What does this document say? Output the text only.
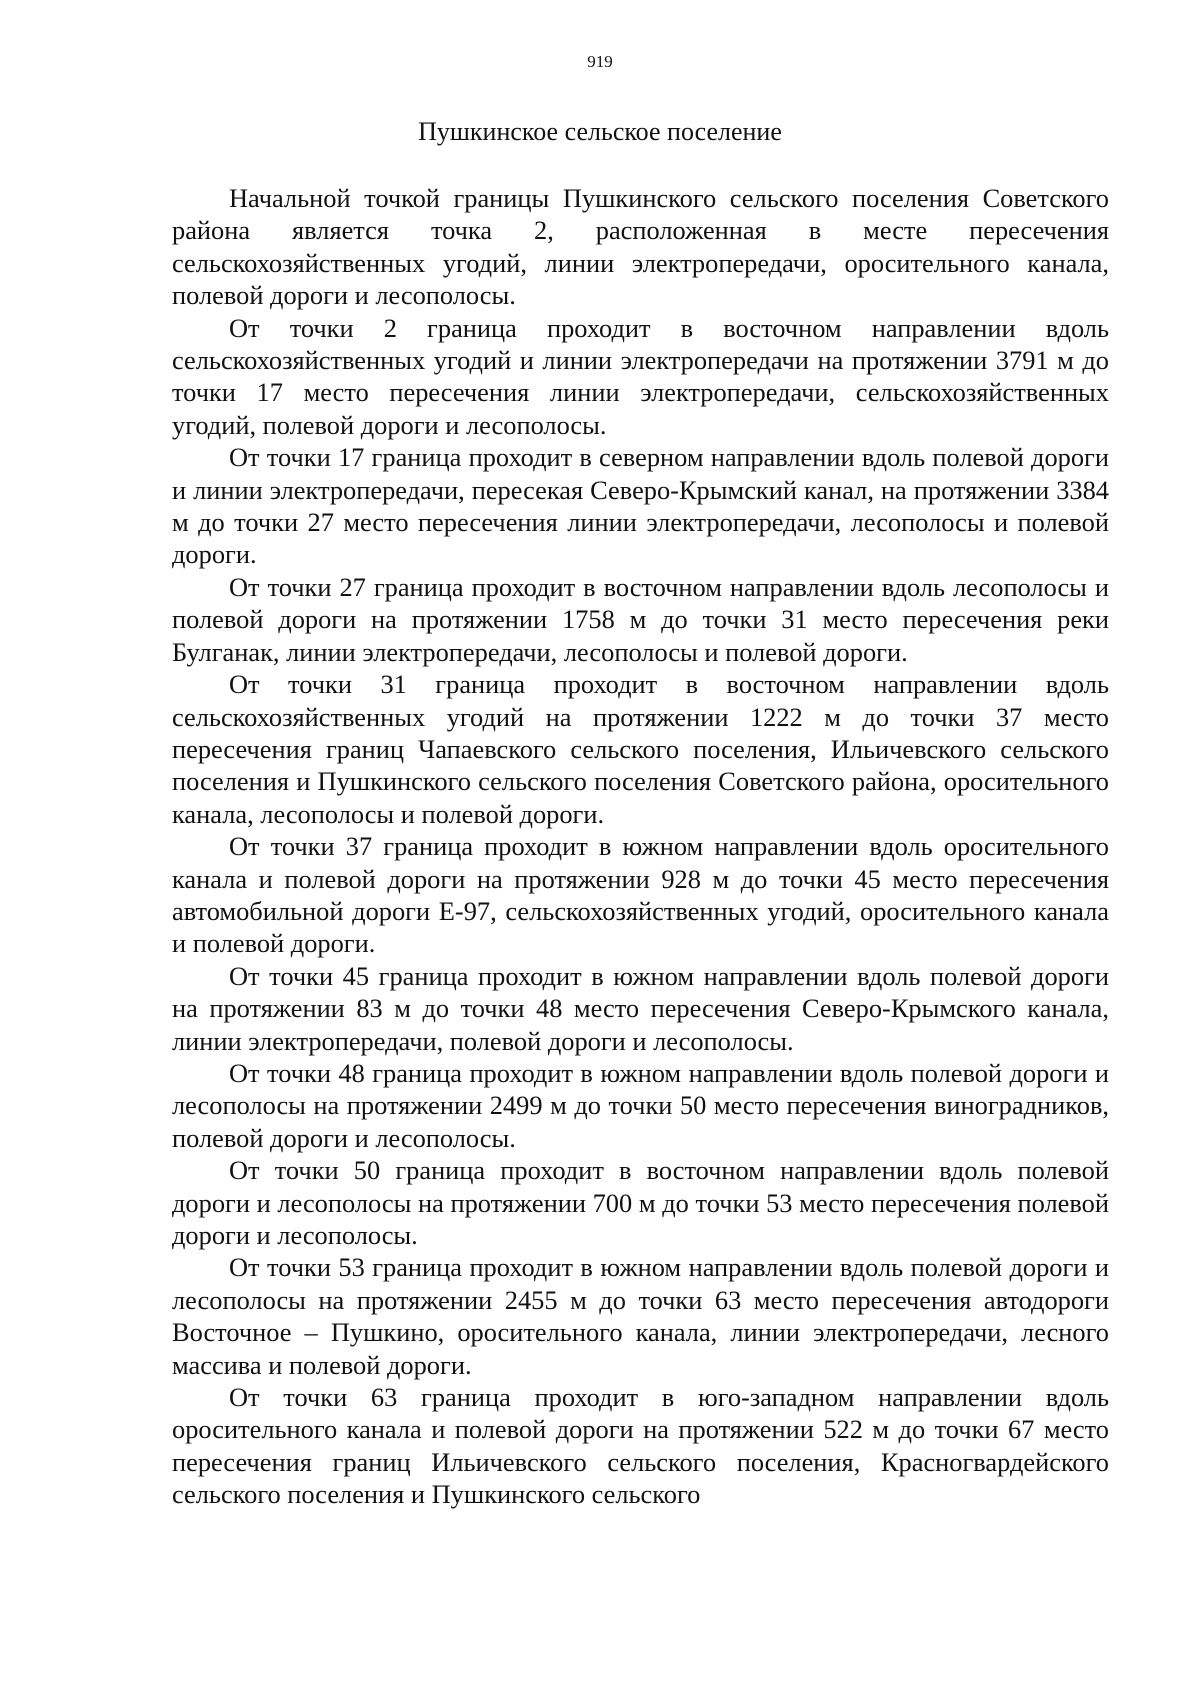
919
Пушкинское сельское поселение

Начальной точкой границы Пушкинского сельского поселения Советского района является точка 2, расположенная в месте пересечения сельскохозяйственных угодий, линии электропередачи, оросительного канала, полевой дороги и лесополосы.

От точки 2 граница проходит в восточном направлении вдоль сельскохозяйственных угодий и линии электропередачи на протяжении 3791 м до точки 17 место пересечения линии электропередачи, сельскохозяйственных угодий, полевой дороги и лесополосы.

От точки 17 граница проходит в северном направлении вдоль полевой дороги и линии электропередачи, пересекая Северо-Крымский канал, на протяжении 3384 м до точки 27 место пересечения линии электропередачи, лесополосы и полевой дороги.

От точки 27 граница проходит в восточном направлении вдоль лесополосы и полевой дороги на протяжении 1758 м до точки 31 место пересечения реки Булганак, линии электропередачи, лесополосы и полевой дороги.

От точки 31 граница проходит в восточном направлении вдоль сельскохозяйственных угодий на протяжении 1222 м до точки 37 место пересечения границ Чапаевского сельского поселения, Ильичевского сельского поселения и Пушкинского сельского поселения Советского района, оросительного канала, лесополосы и полевой дороги.

От точки 37 граница проходит в южном направлении вдоль оросительного канала и полевой дороги на протяжении 928 м до точки 45 место пересечения автомобильной дороги Е-97, сельскохозяйственных угодий, оросительного канала и полевой дороги.

От точки 45 граница проходит в южном направлении вдоль полевой дороги на протяжении 83 м до точки 48 место пересечения Северо-Крымского канала, линии электропередачи, полевой дороги и лесополосы.

От точки 48 граница проходит в южном направлении вдоль полевой дороги и лесополосы на протяжении 2499 м до точки 50 место пересечения виноградников, полевой дороги и лесополосы.

От точки 50 граница проходит в восточном направлении вдоль полевой дороги и лесополосы на протяжении 700 м до точки 53 место пересечения полевой дороги и лесополосы.

От точки 53 граница проходит в южном направлении вдоль полевой дороги и лесополосы на протяжении 2455 м до точки 63 место пересечения автодороги Восточное – Пушкино, оросительного канала, линии электропередачи, лесного массива и полевой дороги.

От точки 63 граница проходит в юго-западном направлении вдоль оросительного канала и полевой дороги на протяжении 522 м до точки 67 место пересечения границ Ильичевского сельского поселения, Красногвардейского сельского поселения и Пушкинского сельского
